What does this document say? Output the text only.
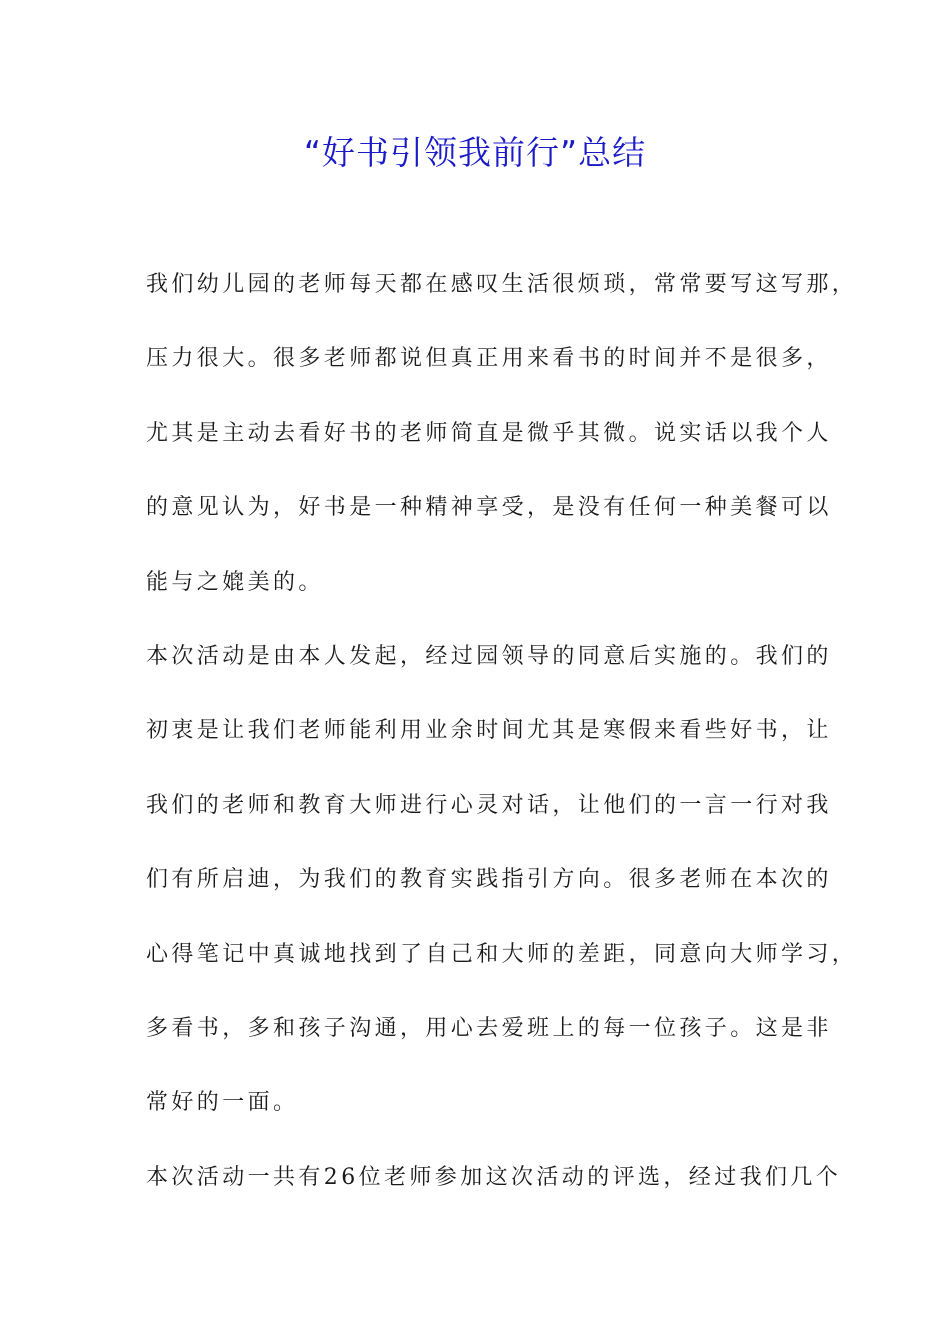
“好书引领我前行”总结
我们幼儿园的老师每天都在感叹生活很烦琐，常常要写这写那，
压力很大。很多老师都说但真正用来看书的时间并不是很多，
尤其是主动去看好书的老师简直是微乎其微。说实话以我个人
的意见认为，好书是一种精神享受，是没有任何一种美餐可以
能与之媲美的。
本次活动是由本人发起，经过园领导的同意后实施的。我们的
初衷是让我们老师能利用业余时间尤其是寒假来看些好书，让
我们的老师和教育大师进行心灵对话，让他们的一言一行对我
们有所启迪，为我们的教育实践指引方向。很多老师在本次的
心得笔记中真诚地找到了自己和大师的差距，同意向大师学习，
多看书，多和孩子沟通，用心去爱班上的每一位孩子。这是非
常好的一面。
本次活动一共有26位老师参加这次活动的评选，经过我们几个
